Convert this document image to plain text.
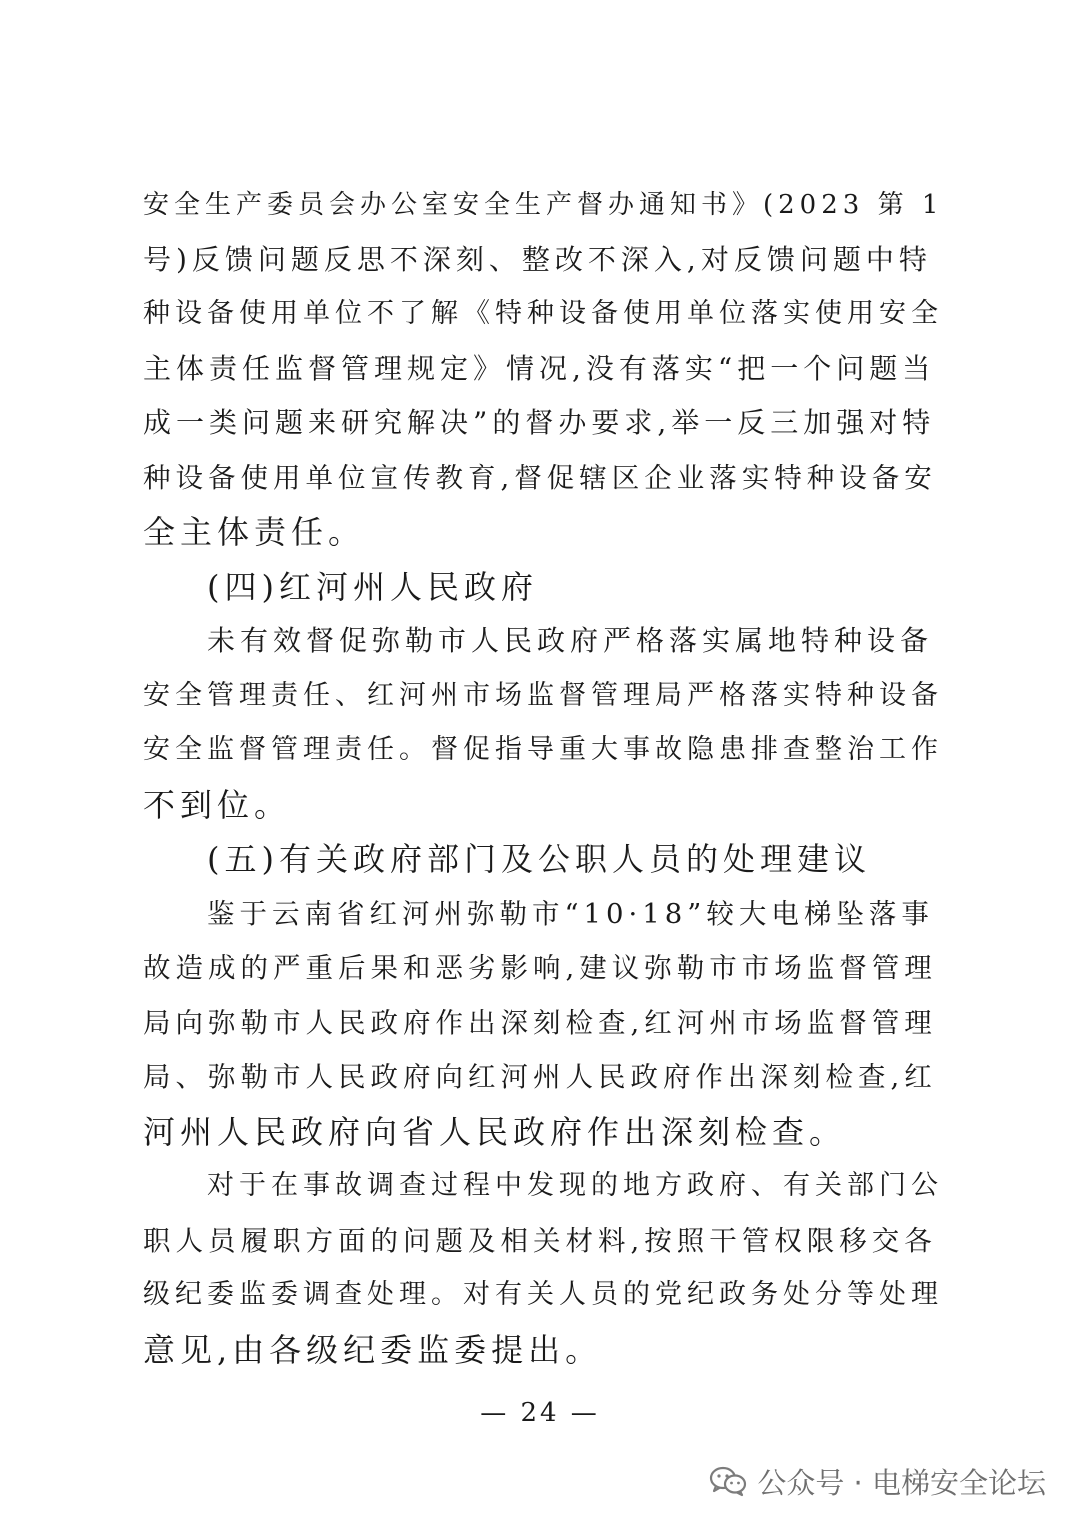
安全生产委员会办公室安全生产督办通知书》(2023 第 1
号)反馈问题反思不深刻、整改不深入,对反馈问题中特
种设备使用单位不了解《特种设备使用单位落实使用安全
主体责任监督管理规定》情况,没有落实“把一个问题当
成一类问题来研究解决”的督办要求,举一反三加强对特
种设备使用单位宣传教育,督促辖区企业落实特种设备安
全主体责任。
(四)红河州人民政府
未有效督促弥勒市人民政府严格落实属地特种设备
安全管理责任、红河州市场监督管理局严格落实特种设备
安全监督管理责任。督促指导重大事故隐患排查整治工作
不到位。
(五)有关政府部门及公职人员的处理建议
鉴于云南省红河州弥勒市“10·18”较大电梯坠落事
故造成的严重后果和恶劣影响,建议弥勒市市场监督管理
局向弥勒市人民政府作出深刻检查,红河州市场监督管理
局、弥勒市人民政府向红河州人民政府作出深刻检查,红
河州人民政府向省人民政府作出深刻检查。
对于在事故调查过程中发现的地方政府、有关部门公
职人员履职方面的问题及相关材料,按照干管权限移交各
级纪委监委调查处理。对有关人员的党纪政务处分等处理
意见,由各级纪委监委提出。
— 24 —
公众号 · 电梯安全论坛
